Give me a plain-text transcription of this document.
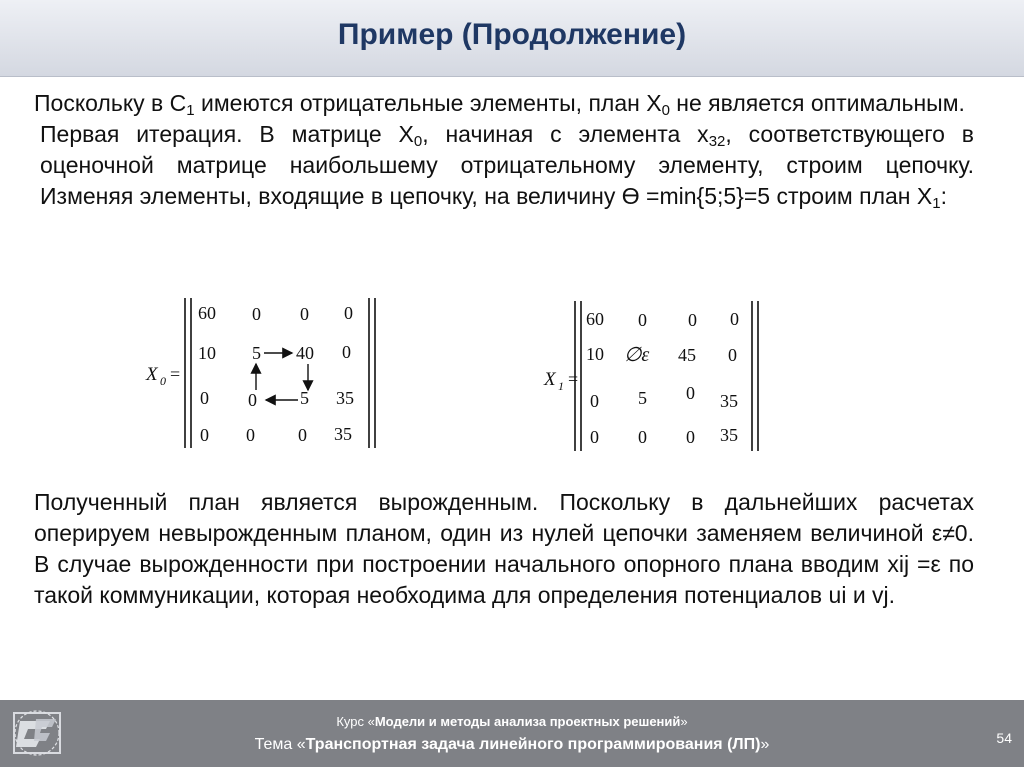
Пример (Продолжение)

Поскольку в $С_1$ имеются отрицательные элементы, план $Х_0$ не является оптимальным.

Первая итерация. В матрице $Х_0$, начиная с элемента $x_{32}$, соответствующего в оценочной матрице наибольшему отрицательному элементу, строим цепочку. Изменяя элементы, входящие в цепочку, на величину Ө =min{5;5}=5 строим план $Х_1$:

X 0 =
60 0 0 0
10 5 40 0
0 0 5 35
0 0 0 35
X 1 =
60 0 0 0
10 ∅ε 45 0
0 5 0 35
0 0 0 35

Полученный план является вырожденным. Поскольку в дальнейших расчетах оперируем невырожденным планом, один из нулей цепочки заменяем величиной ε≠0. В случае вырожденности при построении начального опорного плана вводим xij =ε по такой коммуникации, которая необходима для определения потенциалов ui и vj.

Курс «Модели и методы анализа проектных решений»
Тема «Транспортная задача линейного программирования (ЛП)»	54
